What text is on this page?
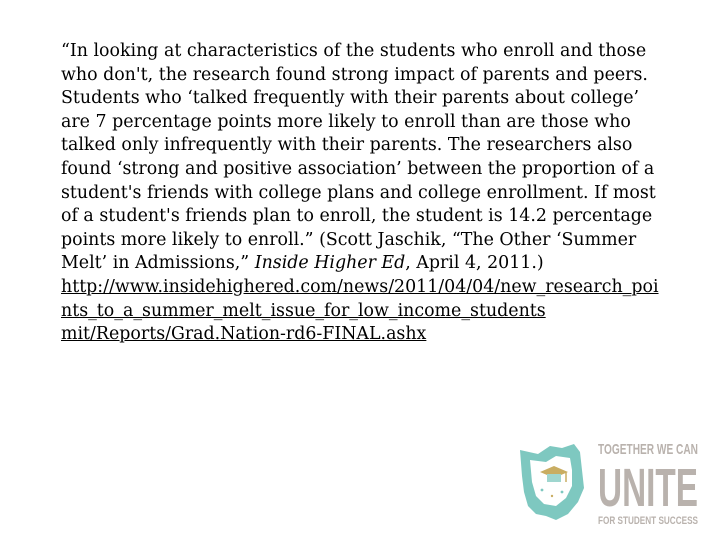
“In looking at characteristics of the students who enroll and those who don't, the research found strong impact of parents and peers. Students who ‘talked frequently with their parents about college’ are 7 percentage points more likely to enroll than are those who talked only infrequently with their parents. The researchers also found ‘strong and positive association’ between the proportion of a student's friends with college plans and college enrollment. If most of a student's friends plan to enroll, the student is 14.2 percentage points more likely to enroll.” (Scott Jaschik, “The Other ‘Summer Melt’ in Admissions,” Inside Higher Ed, April 4, 2011.)
http://www.insidehighered.com/news/2011/04/04/new_research_points_to_a_summer_melt_issue_for_low_income_students
mit/Reports/Grad.Nation-rd6-FINAL.ashx

TOGETHER WE CAN
UNITE
FOR STUDENT SUCCESS
